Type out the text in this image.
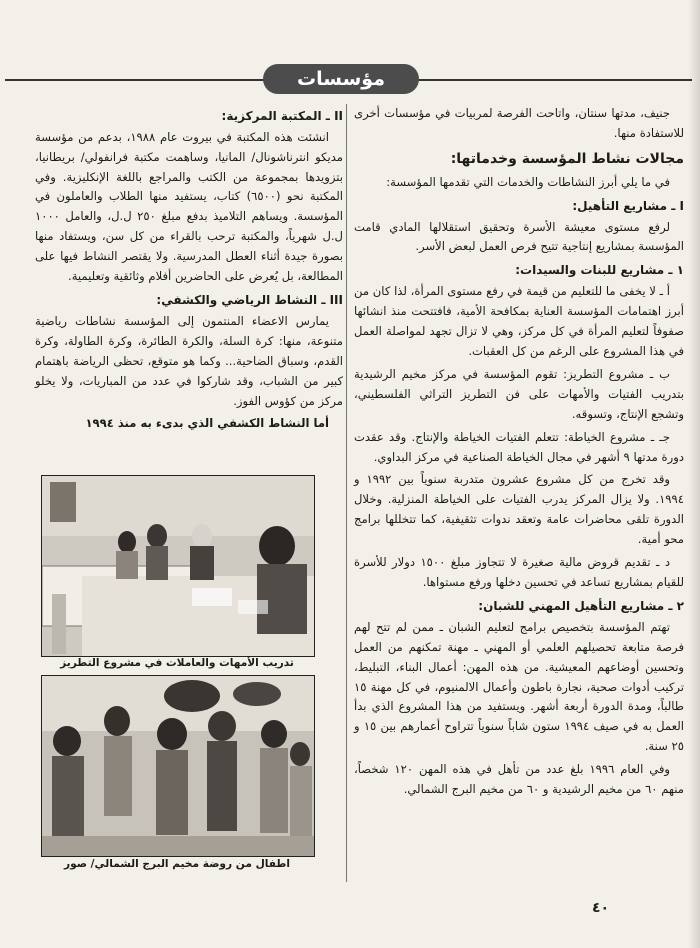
مؤسسات

جنيف، مدتها سنتان، واتاحت الفرصة لمربيات في مؤسسات أخرى للاستفادة منها.

مجالات نشاط المؤسسة وخدماتها:

في ما يلي أبرز النشاطات والخدمات التي تقدمها المؤسسة:

I ـ مشاريع التأهيل:

لرفع مستوى معيشة الأسرة وتحقيق استقلالها المادي قامت المؤسسة بمشاريع إنتاجية تتيح فرص العمل لبعض الأسر.

١ ـ مشاريع للبنات والسيدات:

أ ـ لا يخفى ما للتعليم من قيمة في رفع مستوى المرأة، لذا كان من أبرز اهتمامات المؤسسة العناية بمكافحة الأمية، فافتتحت منذ انشائها صفوفاً لتعليم المرأة في كل مركز، وهي لا تزال تجهد لمواصلة العمل في هذا المشروع على الرغم من كل العقبات.

ب ـ مشروع التطريز: تقوم المؤسسة في مركز مخيم الرشيدية بتدريب الفتيات والأمهات على فن التطريز التراثي الفلسطيني، وتشجع الإنتاج، وتسوقه.

جـ ـ مشروع الخياطة: تتعلم الفتيات الخياطة والإنتاج. وقد عقدت دورة مدتها ٩ أشهر في مجال الخياطة الصناعية في مركز البداوي.

وقد تخرج من كل مشروع عشرون متدربة سنوياً بين ١٩٩٢ و ١٩٩٤. ولا يزال المركز يدرب الفتيات على الخياطة المنزلية. وخلال الدورة تلقى محاضرات عامة وتعقد ندوات تثقيفية، كما تتخللها برامج محو أمية.

د ـ تقديم قروض مالية صغيرة لا تتجاوز مبلغ ١٥٠٠ دولار للأسرة للقيام بمشاريع تساعد في تحسين دخلها ورفع مستواها.

٢ ـ مشاريع التأهيل المهني للشبان:

تهتم المؤسسة بتخصيص برامج لتعليم الشبان ـ ممن لم تتح لهم فرصة متابعة تحصيلهم العلمي أو المهني ـ مهنة تمكنهم من العمل وتحسين أوضاعهم المعيشية. من هذه المهن: أعمال البناء، التبليط، تركيب أدوات صحية، نجارة باطون وأعمال الالمنيوم، في كل مهنة ١٥ طالباً، ومدة الدورة أربعة أشهر. ويستفيد من هذا المشروع الذي بدأ العمل به في صيف ١٩٩٤ ستون شاباً سنوياً تتراوح أعمارهم بين ١٥ و ٢٥ سنة.

وفي العام ١٩٩٦ بلغ عدد من تأهل في هذه المهن ١٢٠ شخصاً، منهم ٦٠ من مخيم الرشيدية و ٦٠ من مخيم البرج الشمالي.

II ـ المكتبة المركزية:

انشئت هذه المكتبة في بيروت عام ١٩٨٨، بدعم من مؤسسة مديكو انترناشونال/ المانيا، وساهمت مكتبة فرانفولي/ بريطانيا، بتزويدها بمجموعة من الكتب والمراجع باللغة الإنكليزية. وفي المكتبة نحو (٦٥٠٠) كتاب، يستفيد منها الطلاب والعاملون في المؤسسة. ويساهم التلاميذ بدفع مبلغ ٢٥٠ ل.ل، والعامل ١٠٠٠ ل.ل شهرياً، والمكتبة ترحب بالقراء من كل سن، ويستفاد منها بصورة جيدة أثناء العطل المدرسية. ولا يقتصر النشاط فيها على المطالعة، بل يُعرض على الحاضرين أفلام وثائقية وتعليمية.

III ـ النشاط الرياضي والكشفي:

يمارس الاعضاء المنتمون إلى المؤسسة نشاطات رياضية متنوعة، منها: كرة السلة، والكرة الطائرة، وكرة الطاولة، وكرة القدم، وسباق الضاحية... وكما هو متوقع، تحظى الرياضة باهتمام كبير من الشباب، وقد شاركوا في عدد من المباريات، ولا يخلو مركز من كؤوس الفوز.

أما النشاط الكشفي الذي بدىء به منذ ١٩٩٤

تدريب الأمهات والعاملات في مشروع التطريز
اطفال من روضة مخيم البرج الشمالي/ صور
٤٠
